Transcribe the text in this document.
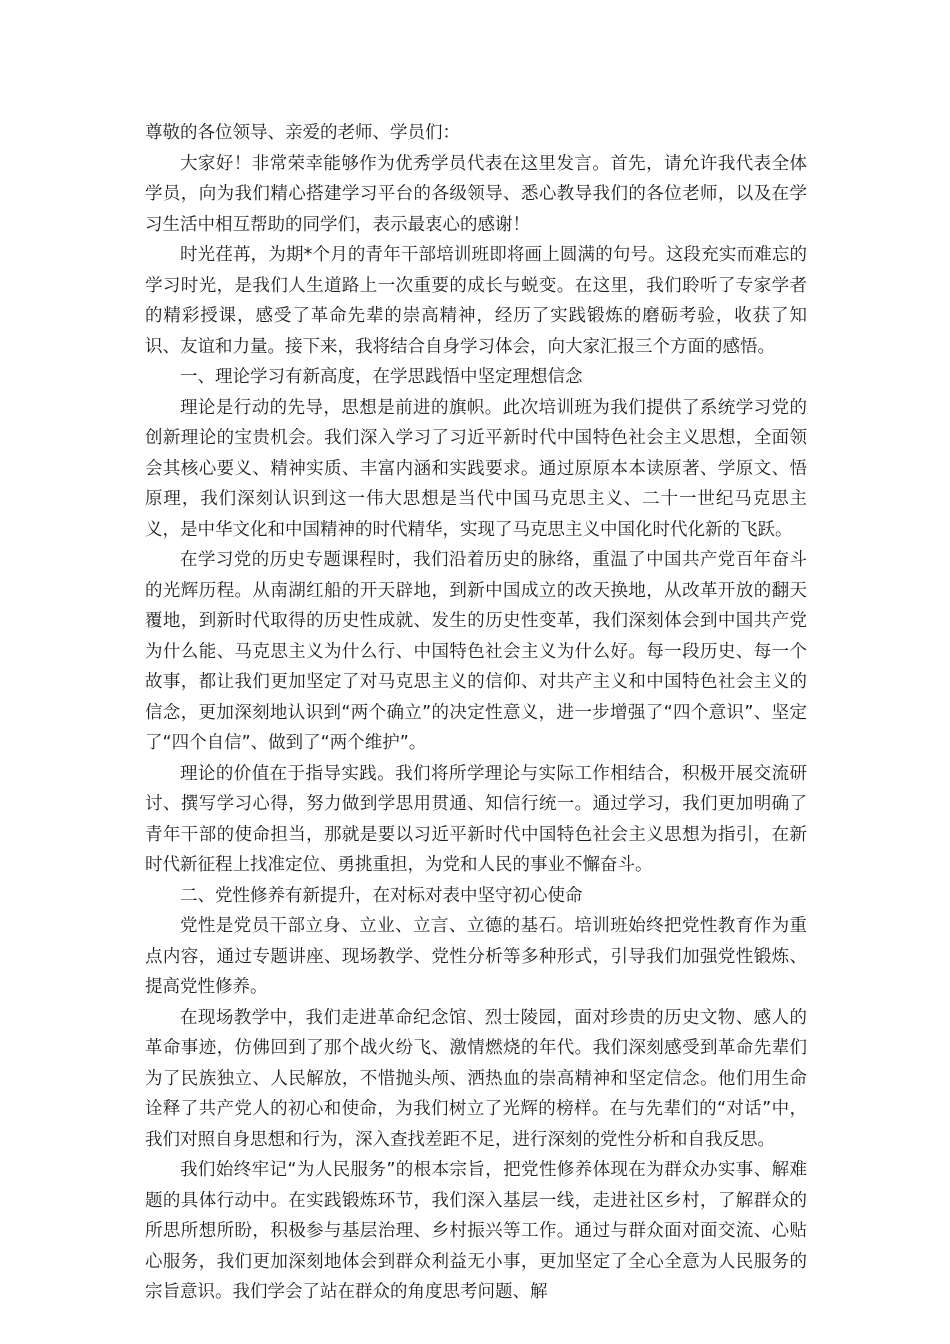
尊敬的各位领导、亲爱的老师、学员们：

大家好！非常荣幸能够作为优秀学员代表在这里发言。首先，请允许我代表全体学员，向为我们精心搭建学习平台的各级领导、悉心教导我们的各位老师，以及在学习生活中相互帮助的同学们，表示最衷心的感谢！

时光荏苒，为期*个月的青年干部培训班即将画上圆满的句号。这段充实而难忘的学习时光，是我们人生道路上一次重要的成长与蜕变。在这里，我们聆听了专家学者的精彩授课，感受了革命先辈的崇高精神，经历了实践锻炼的磨砺考验，收获了知识、友谊和力量。接下来，我将结合自身学习体会，向大家汇报三个方面的感悟。

一、理论学习有新高度，在学思践悟中坚定理想信念

理论是行动的先导，思想是前进的旗帜。此次培训班为我们提供了系统学习党的创新理论的宝贵机会。我们深入学习了习近平新时代中国特色社会主义思想，全面领会其核心要义、精神实质、丰富内涵和实践要求。通过原原本本读原著、学原文、悟原理，我们深刻认识到这一伟大思想是当代中国马克思主义、二十一世纪马克思主义，是中华文化和中国精神的时代精华，实现了马克思主义中国化时代化新的飞跃。

在学习党的历史专题课程时，我们沿着历史的脉络，重温了中国共产党百年奋斗的光辉历程。从南湖红船的开天辟地，到新中国成立的改天换地，从改革开放的翻天覆地，到新时代取得的历史性成就、发生的历史性变革，我们深刻体会到中国共产党为什么能、马克思主义为什么行、中国特色社会主义为什么好。每一段历史、每一个故事，都让我们更加坚定了对马克思主义的信仰、对共产主义和中国特色社会主义的信念，更加深刻地认识到“两个确立”的决定性意义，进一步增强了“四个意识”、坚定了“四个自信”、做到了“两个维护”。

理论的价值在于指导实践。我们将所学理论与实际工作相结合，积极开展交流研讨、撰写学习心得，努力做到学思用贯通、知信行统一。通过学习，我们更加明确了青年干部的使命担当，那就是要以习近平新时代中国特色社会主义思想为指引，在新时代新征程上找准定位、勇挑重担，为党和人民的事业不懈奋斗。

二、党性修养有新提升，在对标对表中坚守初心使命

党性是党员干部立身、立业、立言、立德的基石。培训班始终把党性教育作为重点内容，通过专题讲座、现场教学、党性分析等多种形式，引导我们加强党性锻炼、提高党性修养。

在现场教学中，我们走进革命纪念馆、烈士陵园，面对珍贵的历史文物、感人的革命事迹，仿佛回到了那个战火纷飞、激情燃烧的年代。我们深刻感受到革命先辈们为了民族独立、人民解放，不惜抛头颅、洒热血的崇高精神和坚定信念。他们用生命诠释了共产党人的初心和使命，为我们树立了光辉的榜样。在与先辈们的“对话”中，我们对照自身思想和行为，深入查找差距不足，进行深刻的党性分析和自我反思。

我们始终牢记“为人民服务”的根本宗旨，把党性修养体现在为群众办实事、解难题的具体行动中。在实践锻炼环节，我们深入基层一线，走进社区乡村，了解群众的所思所想所盼，积极参与基层治理、乡村振兴等工作。通过与群众面对面交流、心贴心服务，我们更加深刻地体会到群众利益无小事，更加坚定了全心全意为人民服务的宗旨意识。我们学会了站在群众的角度思考问题、解
